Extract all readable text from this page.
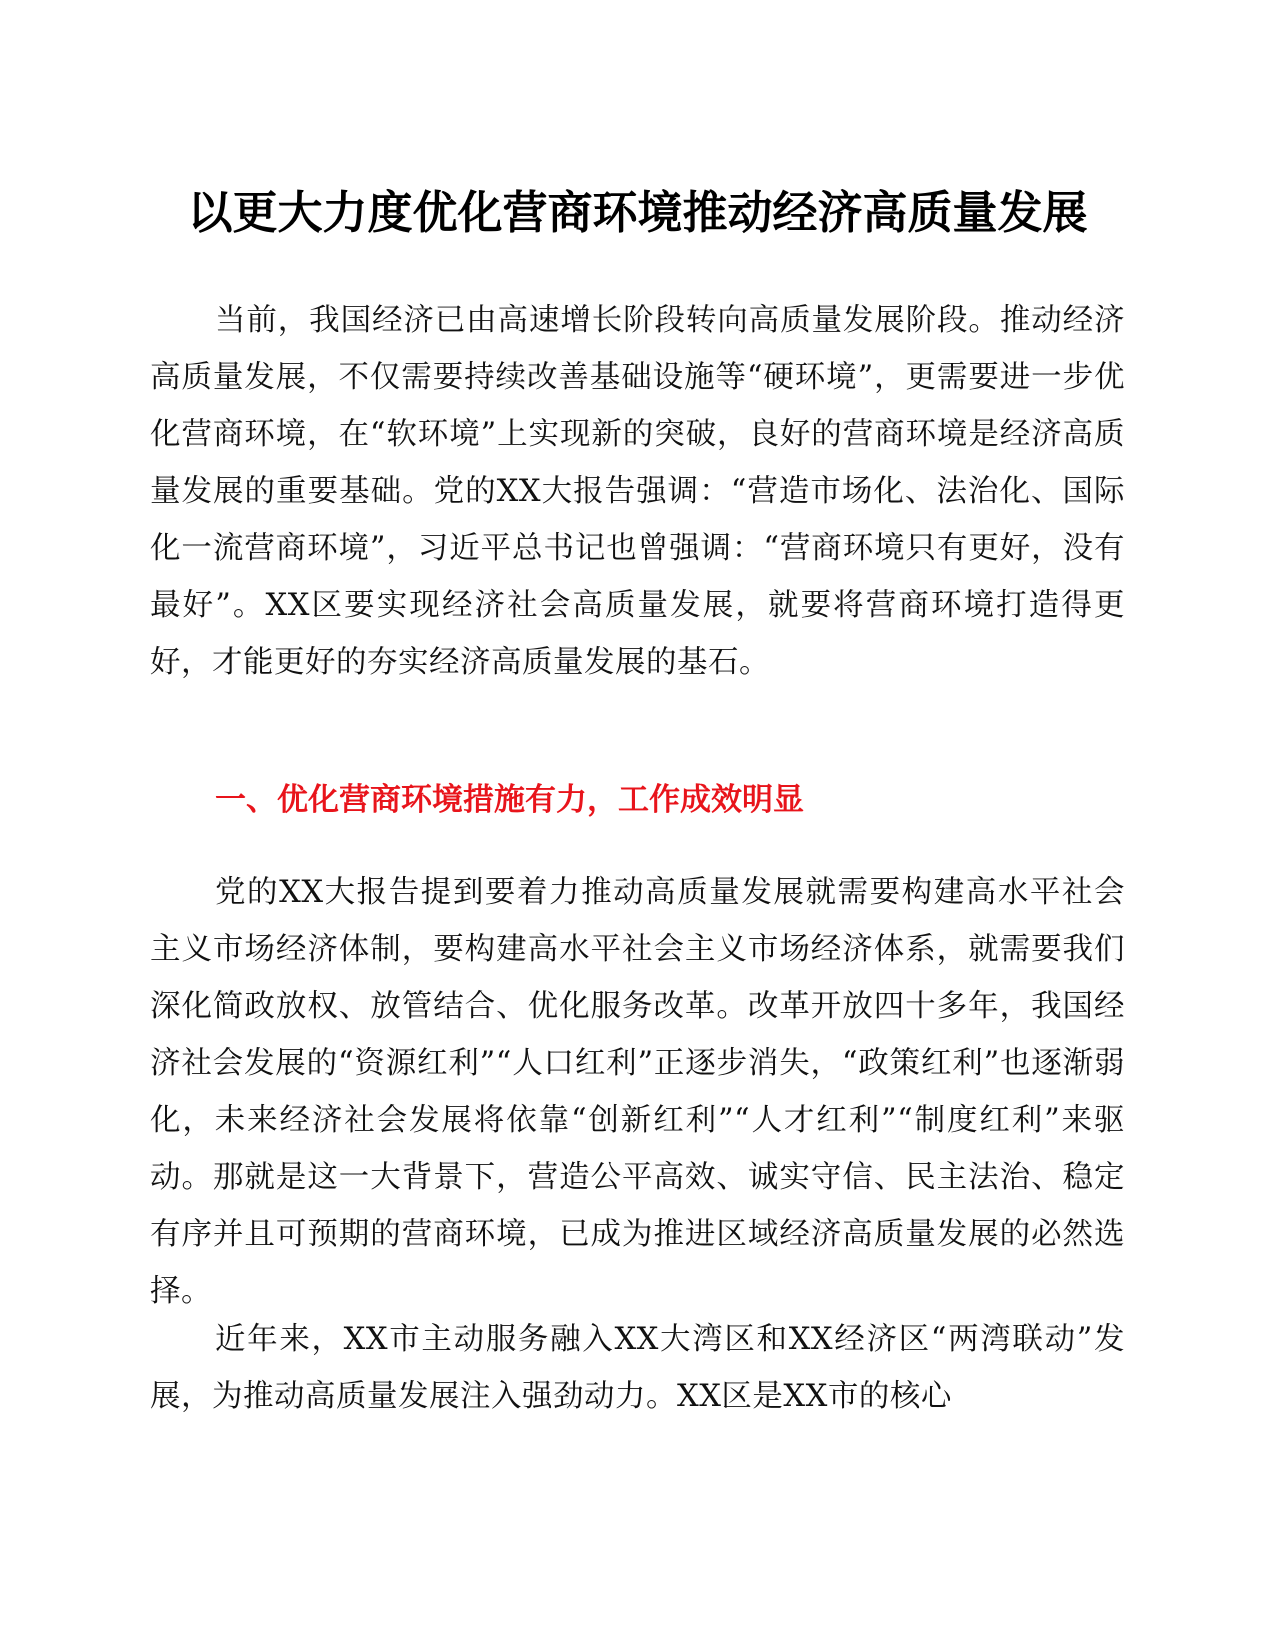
以更大力度优化营商环境推动经济高质量发展

当前，我国经济已由高速增长阶段转向高质量发展阶段。推动经济高质量发展，不仅需要持续改善基础设施等“硬环境”，更需要进一步优化营商环境，在“软环境”上实现新的突破，良好的营商环境是经济高质量发展的重要基础。党的XX大报告强调：“营造市场化、法治化、国际化一流营商环境”，习近平总书记也曾强调：“营商环境只有更好，没有最好”。XX区要实现经济社会高质量发展，就要将营商环境打造得更好，才能更好的夯实经济高质量发展的基石。

一、优化营商环境措施有力，工作成效明显

党的XX大报告提到要着力推动高质量发展就需要构建高水平社会主义市场经济体制，要构建高水平社会主义市场经济体系，就需要我们深化简政放权、放管结合、优化服务改革。改革开放四十多年，我国经济社会发展的“资源红利”“人口红利”正逐步消失，“政策红利”也逐渐弱化，未来经济社会发展将依靠“创新红利”“人才红利”“制度红利”来驱动。那就是这一大背景下，营造公平高效、诚实守信、民主法治、稳定有序并且可预期的营商环境，已成为推进区域经济高质量发展的必然选择。

近年来，XX市主动服务融入XX大湾区和XX经济区“两湾联动”发展，为推动高质量发展注入强劲动力。XX区是XX市的核心
